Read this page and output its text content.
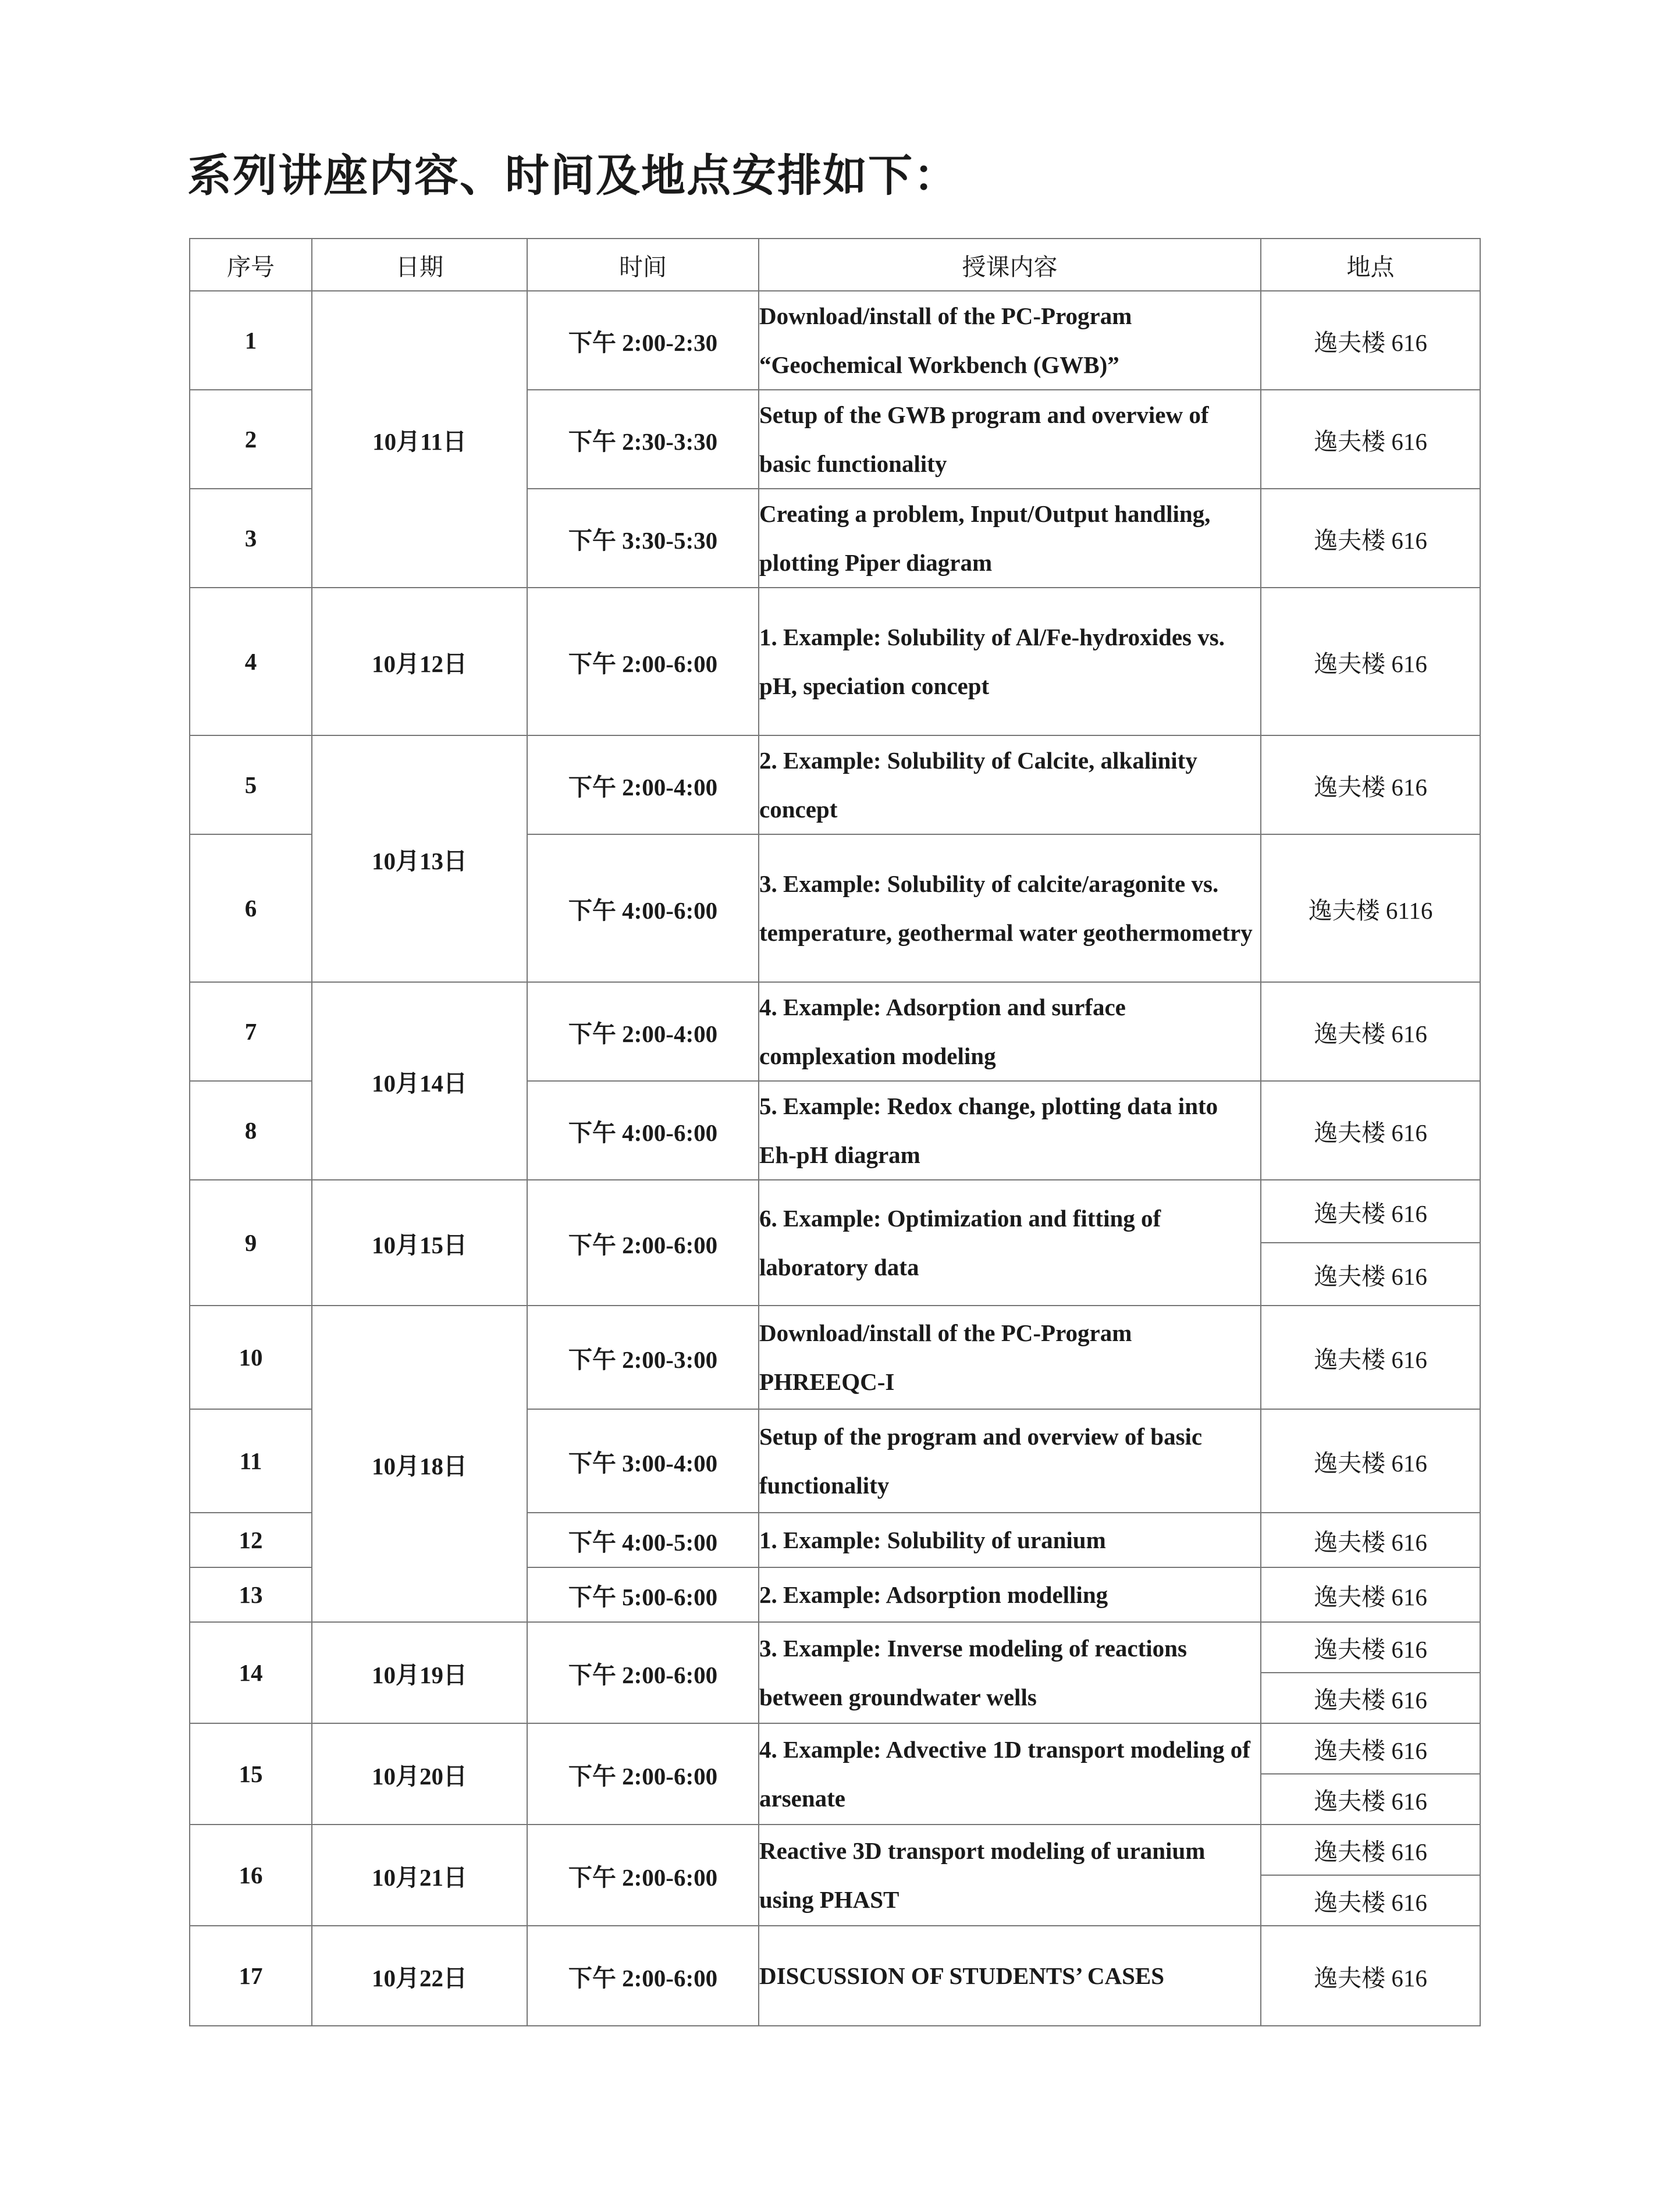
系列讲座内容、时间及地点安排如下：
序号	日期	时间	授课内容	地点
1	10月11日	下午 2:00-2:30	Download/install of the PC-Program “Geochemical Workbench (GWB)”	逸夫楼 616
2		下午 2:30-3:30	Setup of the GWB program and overview of basic functionality	逸夫楼 616
3		下午 3:30-5:30	Creating a problem, Input/Output handling, plotting Piper diagram	逸夫楼 616
4	10月12日	下午 2:00-6:00	1. Example: Solubility of Al/Fe-hydroxides vs. pH, speciation concept	逸夫楼 616
5	10月13日	下午 2:00-4:00	2. Example: Solubility of Calcite, alkalinity concept	逸夫楼 616
6		下午 4:00-6:00	3. Example: Solubility of calcite/aragonite vs. temperature, geothermal water geothermometry	逸夫楼 6116
7	10月14日	下午 2:00-4:00	4. Example: Adsorption and surface complexation modeling	逸夫楼 616
8		下午 4:00-6:00	5. Example: Redox change, plotting data into Eh-pH diagram	逸夫楼 616
9	10月15日	下午 2:00-6:00	6. Example: Optimization and fitting of laboratory data	逸夫楼 616
				逸夫楼 616
10	10月18日	下午 2:00-3:00	Download/install of the PC-Program PHREEQC-I	逸夫楼 616
11		下午 3:00-4:00	Setup of the program and overview of basic functionality	逸夫楼 616
12		下午 4:00-5:00	1. Example: Solubility of uranium	逸夫楼 616
13		下午 5:00-6:00	2. Example: Adsorption modelling	逸夫楼 616
14	10月19日	下午 2:00-6:00	3. Example: Inverse modeling of reactions between groundwater wells	逸夫楼 616
				逸夫楼 616
15	10月20日	下午 2:00-6:00	4. Example: Advective 1D transport modeling of arsenate	逸夫楼 616
				逸夫楼 616
16	10月21日	下午 2:00-6:00	Reactive 3D transport modeling of uranium using PHAST	逸夫楼 616
				逸夫楼 616
17	10月22日	下午 2:00-6:00	DISCUSSION OF STUDENTS’ CASES	逸夫楼 616
